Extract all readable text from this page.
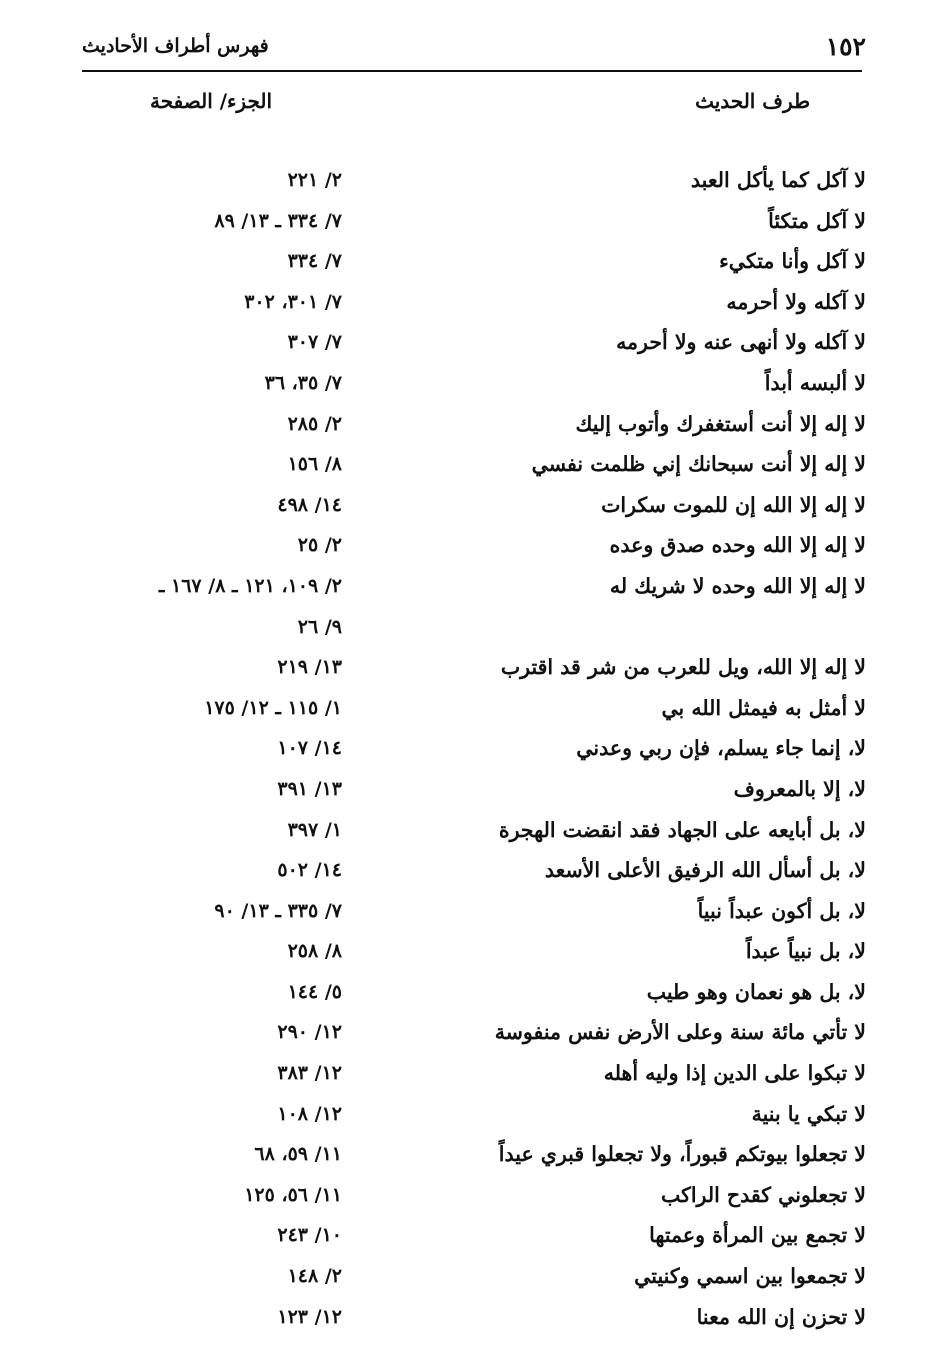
١٥٢
فهرس أطراف الأحاديث
طرف الحديث
الجزء/ الصفحة
لا آكل كما يأكل العبد
٢/ ٢٢١
لا آكل متكئاً
٧/ ٣٣٤ ـ ١٣/ ٨٩
لا آكل وأنا متكيء
٧/ ٣٣٤
لا آكله ولا أحرمه
٧/ ٣٠١، ٣٠٢
لا آكله ولا أنهى عنه ولا أحرمه
٧/ ٣٠٧
لا ألبسه أبداً
٧/ ٣٥، ٣٦
لا إله إلا أنت أستغفرك وأتوب إليك
٢/ ٢٨٥
لا إله إلا أنت سبحانك إني ظلمت نفسي
٨/ ١٥٦
لا إله إلا الله إن للموت سكرات
١٤/ ٤٩٨
لا إله إلا الله وحده صدق وعده
٢/ ٢٥
لا إله إلا الله وحده لا شريك له
٢/ ١٠٩، ١٢١ ـ ٨/ ١٦٧ ـ
٩/ ٢٦
لا إله إلا الله، ويل للعرب من شر قد اقترب
١٣/ ٢١٩
لا أمثل به فيمثل الله بي
١/ ١١٥ ـ ١٢/ ١٧٥
لا، إنما جاء يسلم، فإن ربي وعدني
١٤/ ١٠٧
لا، إلا بالمعروف
١٣/ ٣٩١
لا، بل أبايعه على الجهاد فقد انقضت الهجرة
١/ ٣٩٧
لا، بل أسأل الله الرفيق الأعلى الأسعد
١٤/ ٥٠٢
لا، بل أكون عبداً نبياً
٧/ ٣٣٥ ـ ١٣/ ٩٠
لا، بل نبياً عبداً
٨/ ٢٥٨
لا، بل هو نعمان وهو طيب
٥/ ١٤٤
لا تأتي مائة سنة وعلى الأرض نفس منفوسة
١٢/ ٢٩٠
لا تبكوا على الدين إذا وليه أهله
١٢/ ٣٨٣
لا تبكي يا بنية
١٢/ ١٠٨
لا تجعلوا بيوتكم قبوراً، ولا تجعلوا قبري عيداً
١١/ ٥٩، ٦٨
لا تجعلوني كقدح الراكب
١١/ ٥٦، ١٢٥
لا تجمع بين المرأة وعمتها
١٠/ ٢٤٣
لا تجمعوا بين اسمي وكنيتي
٢/ ١٤٨
لا تحزن إن الله معنا
١٢/ ١٢٣
